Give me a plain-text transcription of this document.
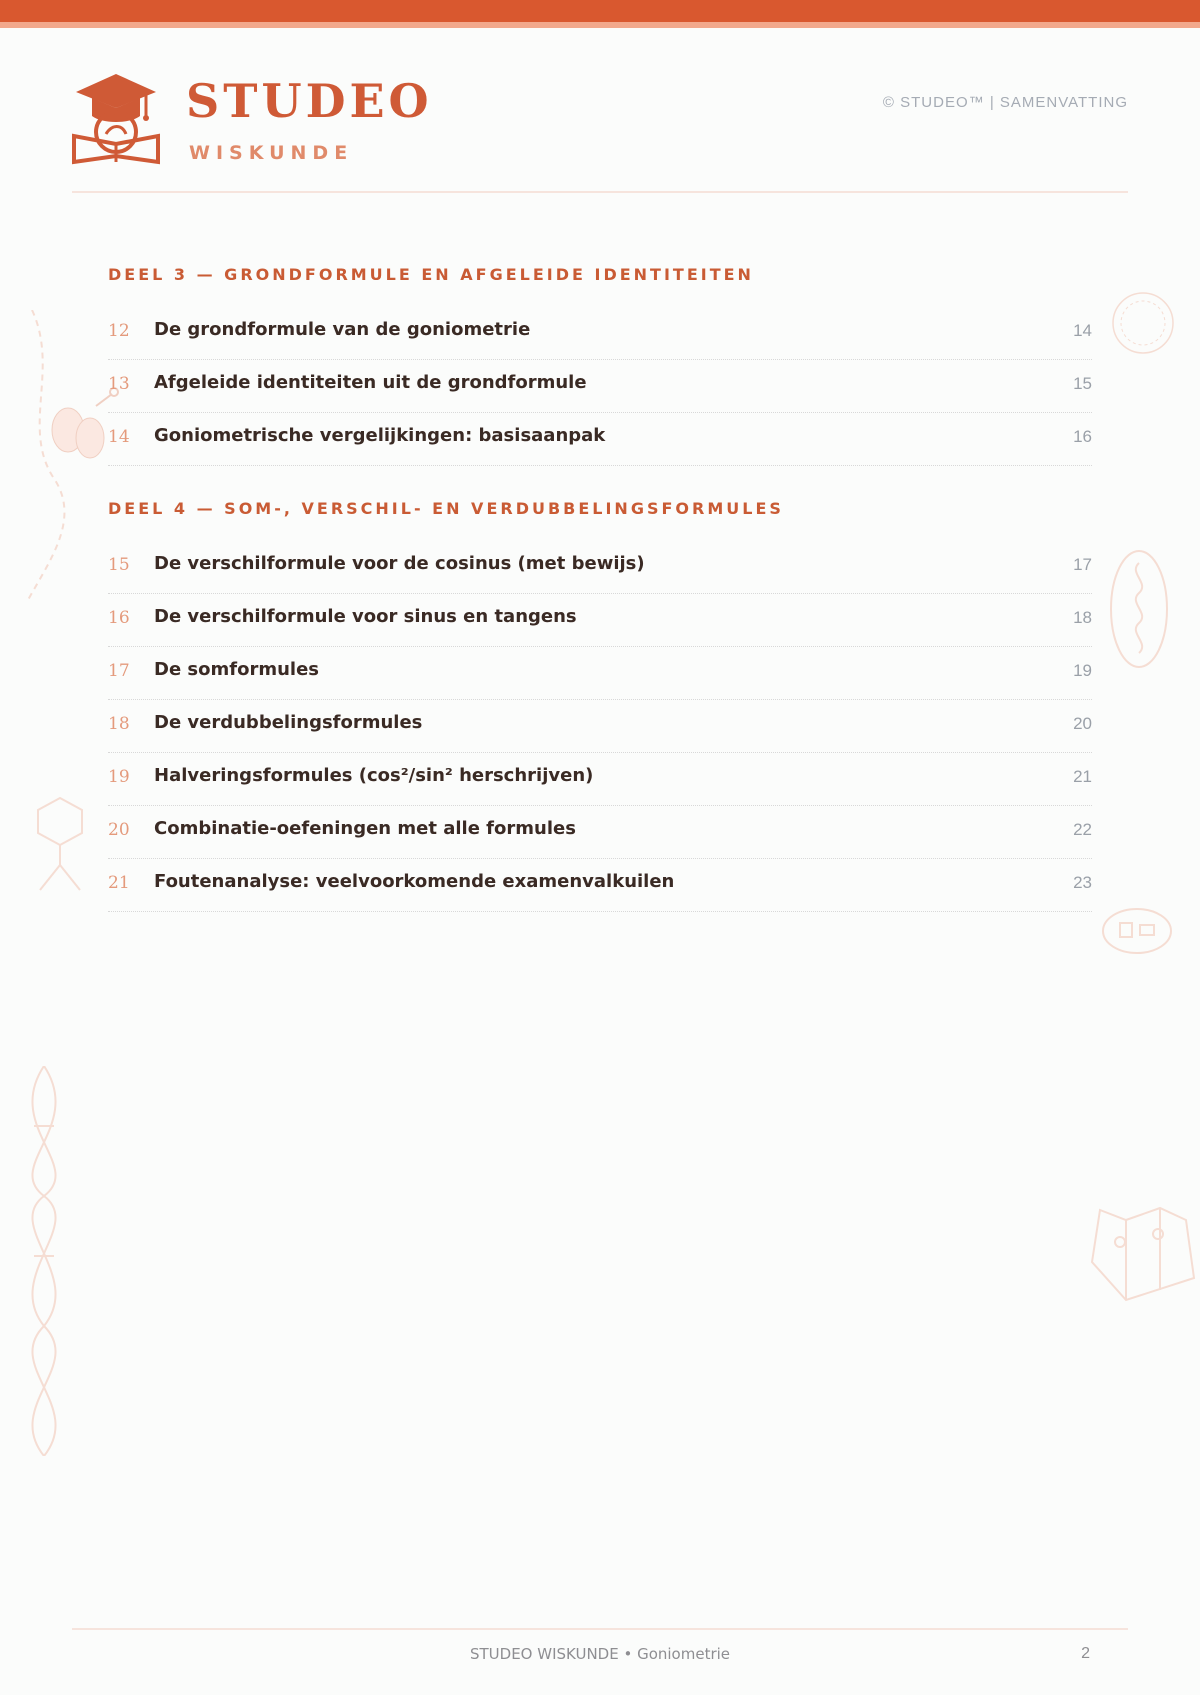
STUDEO
WISKUNDE
© STUDEO™ | SAMENVATTING
DEEL 3 — GRONDFORMULE EN AFGELEIDE IDENTITEITEN
12 De grondformule van de goniometrie	14
13 Afgeleide identiteiten uit de grondformule	15
14 Goniometrische vergelijkingen: basisaanpak	16
DEEL 4 — SOM-, VERSCHIL- EN VERDUBBELINGSFORMULES
15 De verschilformule voor de cosinus (met bewijs)	17
16 De verschilformule voor sinus en tangens	18
17 De somformules	19
18 De verdubbelingsformules	20
19 Halveringsformules (cos²/sin² herschrijven)	21
20 Combinatie-oefeningen met alle formules	22
21 Foutenanalyse: veelvoorkomende examenvalkuilen	23
STUDEO WISKUNDE • Goniometrie	2
